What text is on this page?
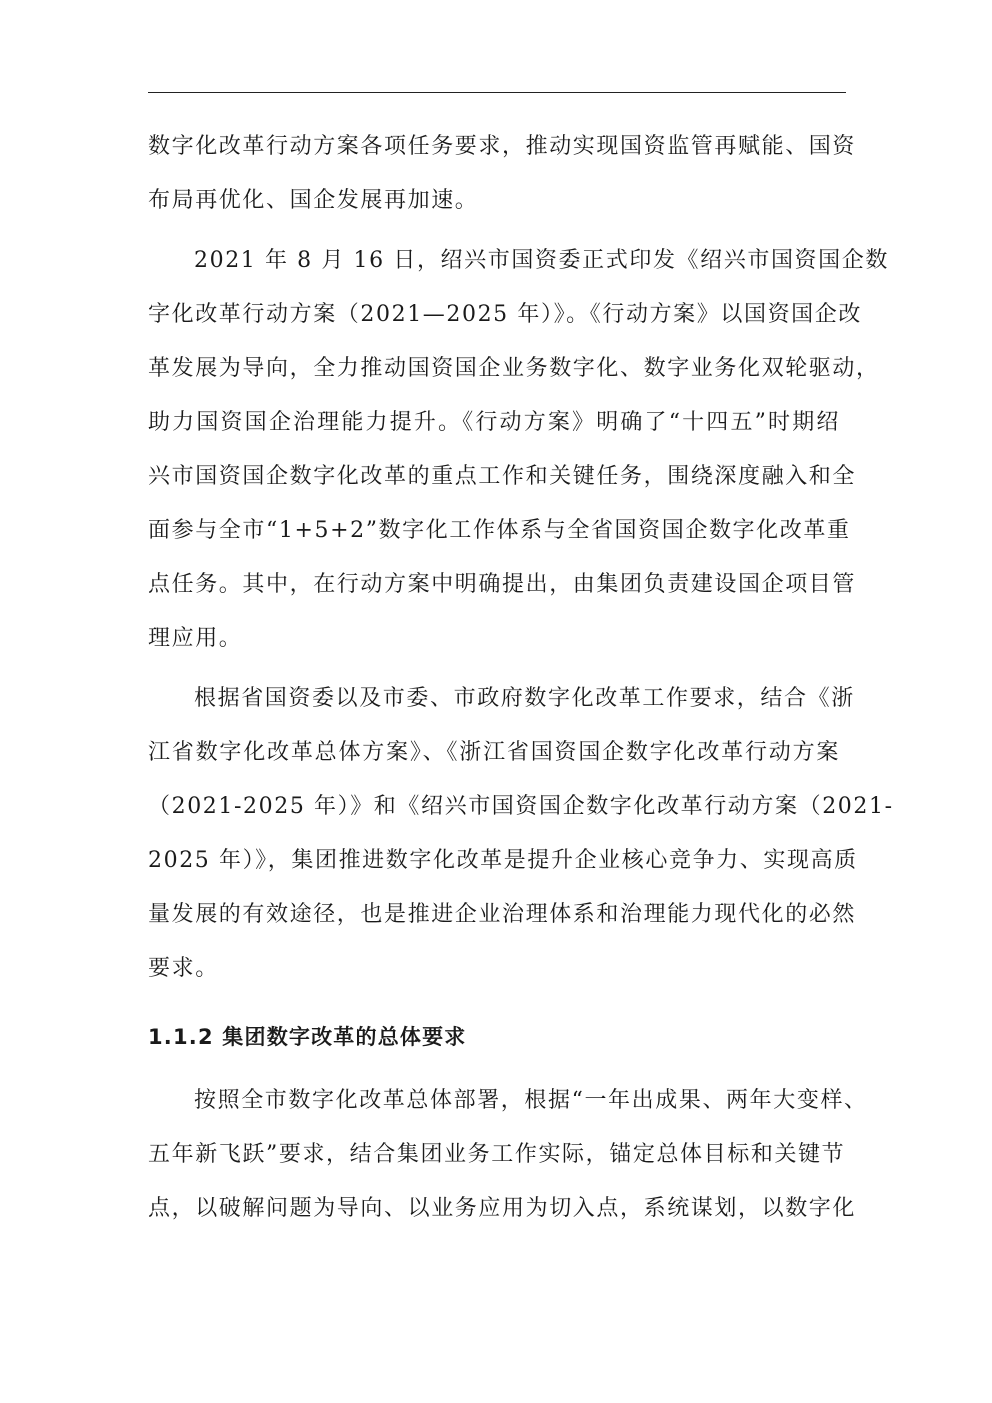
数字化改革行动方案各项任务要求，推动实现国资监管再赋能、国资
布局再优化、国企发展再加速。
2021 年 8 月 16 日，绍兴市国资委正式印发《绍兴市国资国企数
字化改革行动方案（2021—2025 年）》。《行动方案》以国资国企改
革发展为导向，全力推动国资国企业务数字化、数字业务化双轮驱动，
助力国资国企治理能力提升。《行动方案》明确了“十四五”时期绍
兴市国资国企数字化改革的重点工作和关键任务，围绕深度融入和全
面参与全市“1+5+2”数字化工作体系与全省国资国企数字化改革重
点任务。其中，在行动方案中明确提出，由集团负责建设国企项目管
理应用。
根据省国资委以及市委、市政府数字化改革工作要求，结合《浙
江省数字化改革总体方案》、《浙江省国资国企数字化改革行动方案
（2021-2025 年）》和《绍兴市国资国企数字化改革行动方案（2021-
2025 年）》，集团推进数字化改革是提升企业核心竞争力、实现高质
量发展的有效途径，也是推进企业治理体系和治理能力现代化的必然
要求。
1.1.2 集团数字改革的总体要求
按照全市数字化改革总体部署，根据“一年出成果、两年大变样、
五年新飞跃”要求，结合集团业务工作实际，锚定总体目标和关键节
点，以破解问题为导向、以业务应用为切入点，系统谋划，以数字化
